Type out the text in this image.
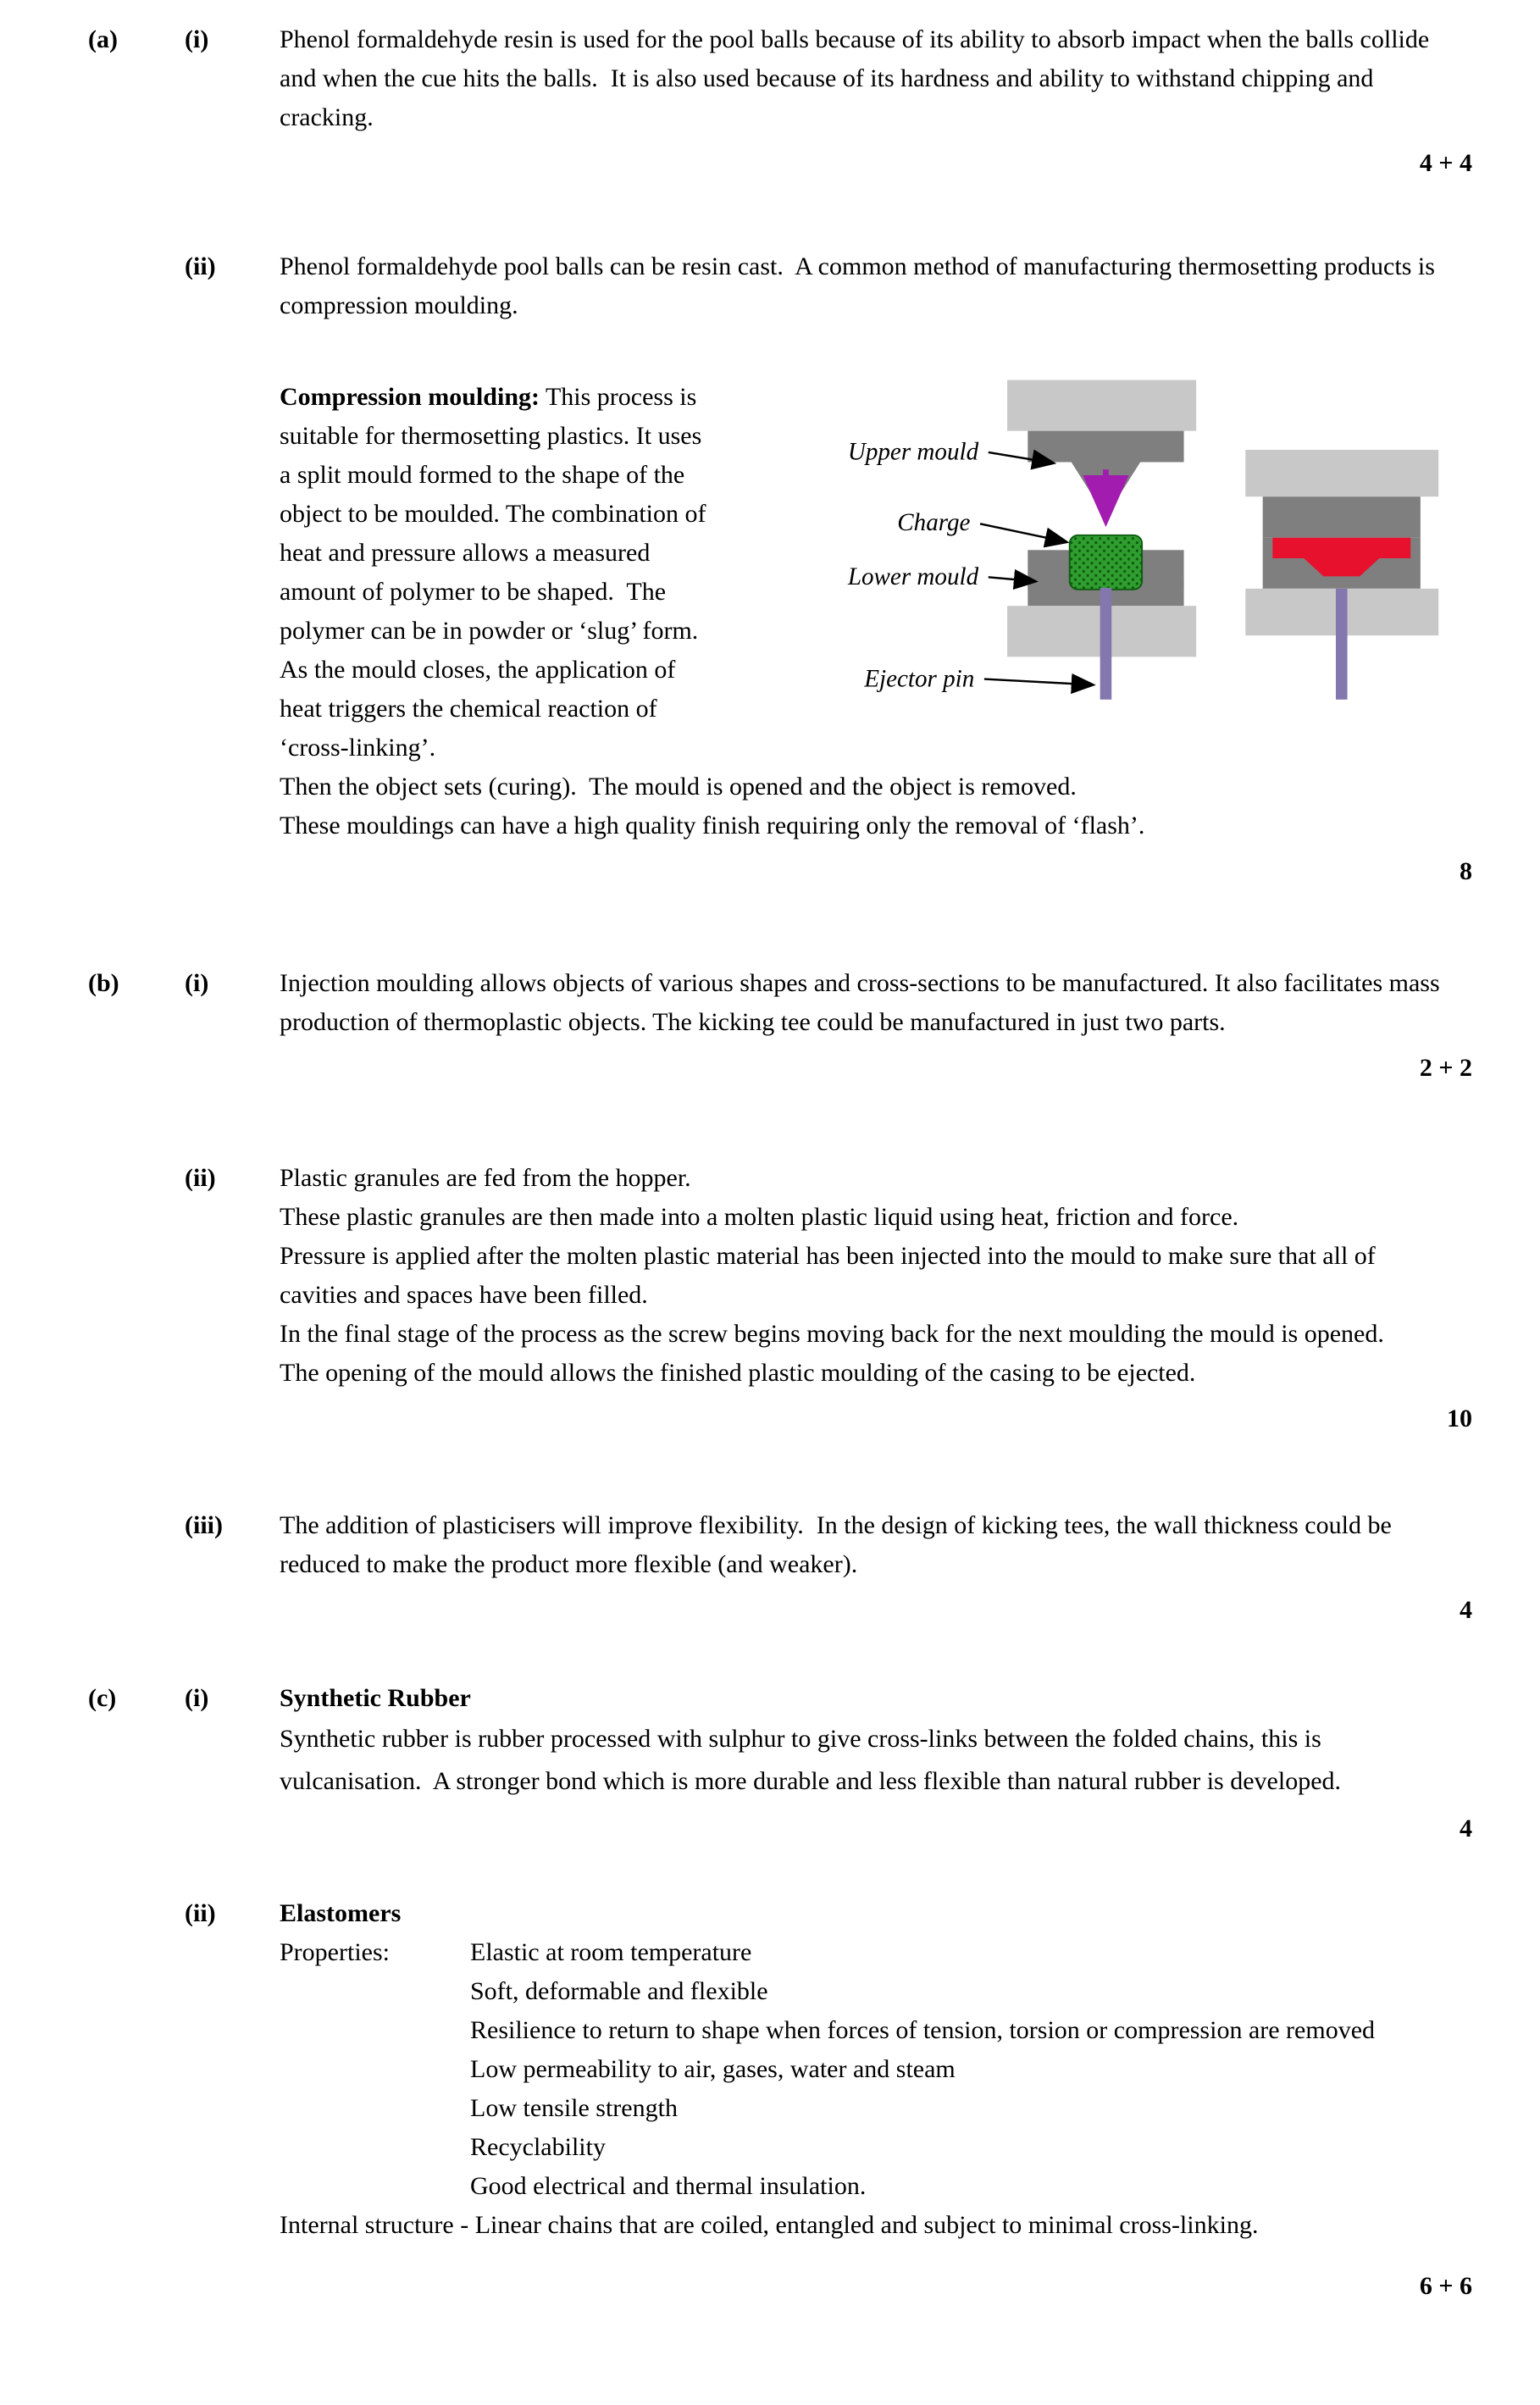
(a)	(i)	Phenol formaldehyde resin is used for the pool balls because of its ability to absorb impact when the balls collide and when the cue hits the balls.  It is also used because of its hardness and ability to withstand chipping and cracking.
4 + 4
(ii)	Phenol formaldehyde pool balls can be resin cast.  A common method of manufacturing thermosetting products is compression moulding.
Compression moulding: This process is suitable for thermosetting plastics. It uses a split mould formed to the shape of the object to be moulded. The combination of heat and pressure allows a measured amount of polymer to be shaped.  The polymer can be in powder or ‘slug’ form.  As the mould closes, the application of heat triggers the chemical reaction of ‘cross-linking’.
Upper mould
Charge
Lower mould
Ejector pin
Then the object sets (curing).  The mould is opened and the object is removed.
These mouldings can have a high quality finish requiring only the removal of ‘flash’.
8
(b)	(i)	Injection moulding allows objects of various shapes and cross-sections to be manufactured. It also facilitates mass production of thermoplastic objects. The kicking tee could be manufactured in just two parts.
2 + 2
(ii)	Plastic granules are fed from the hopper.
These plastic granules are then made into a molten plastic liquid using heat, friction and force.
Pressure is applied after the molten plastic material has been injected into the mould to make sure that all of cavities and spaces have been filled.
In the final stage of the process as the screw begins moving back for the next moulding the mould is opened.
The opening of the mould allows the finished plastic moulding of the casing to be ejected.
10
(iii)	The addition of plasticisers will improve flexibility.  In the design of kicking tees, the wall thickness could be reduced to make the product more flexible (and weaker).
4
(c)	(i)	Synthetic Rubber
Synthetic rubber is rubber processed with sulphur to give cross-links between the folded chains, this is vulcanisation.  A stronger bond which is more durable and less flexible than natural rubber is developed.
4
(ii)	Elastomers
Properties:	Elastic at room temperature
Soft, deformable and flexible
Resilience to return to shape when forces of tension, torsion or compression are removed
Low permeability to air, gases, water and steam
Low tensile strength
Recyclability
Good electrical and thermal insulation.
Internal structure - Linear chains that are coiled, entangled and subject to minimal cross-linking.
6 + 6
